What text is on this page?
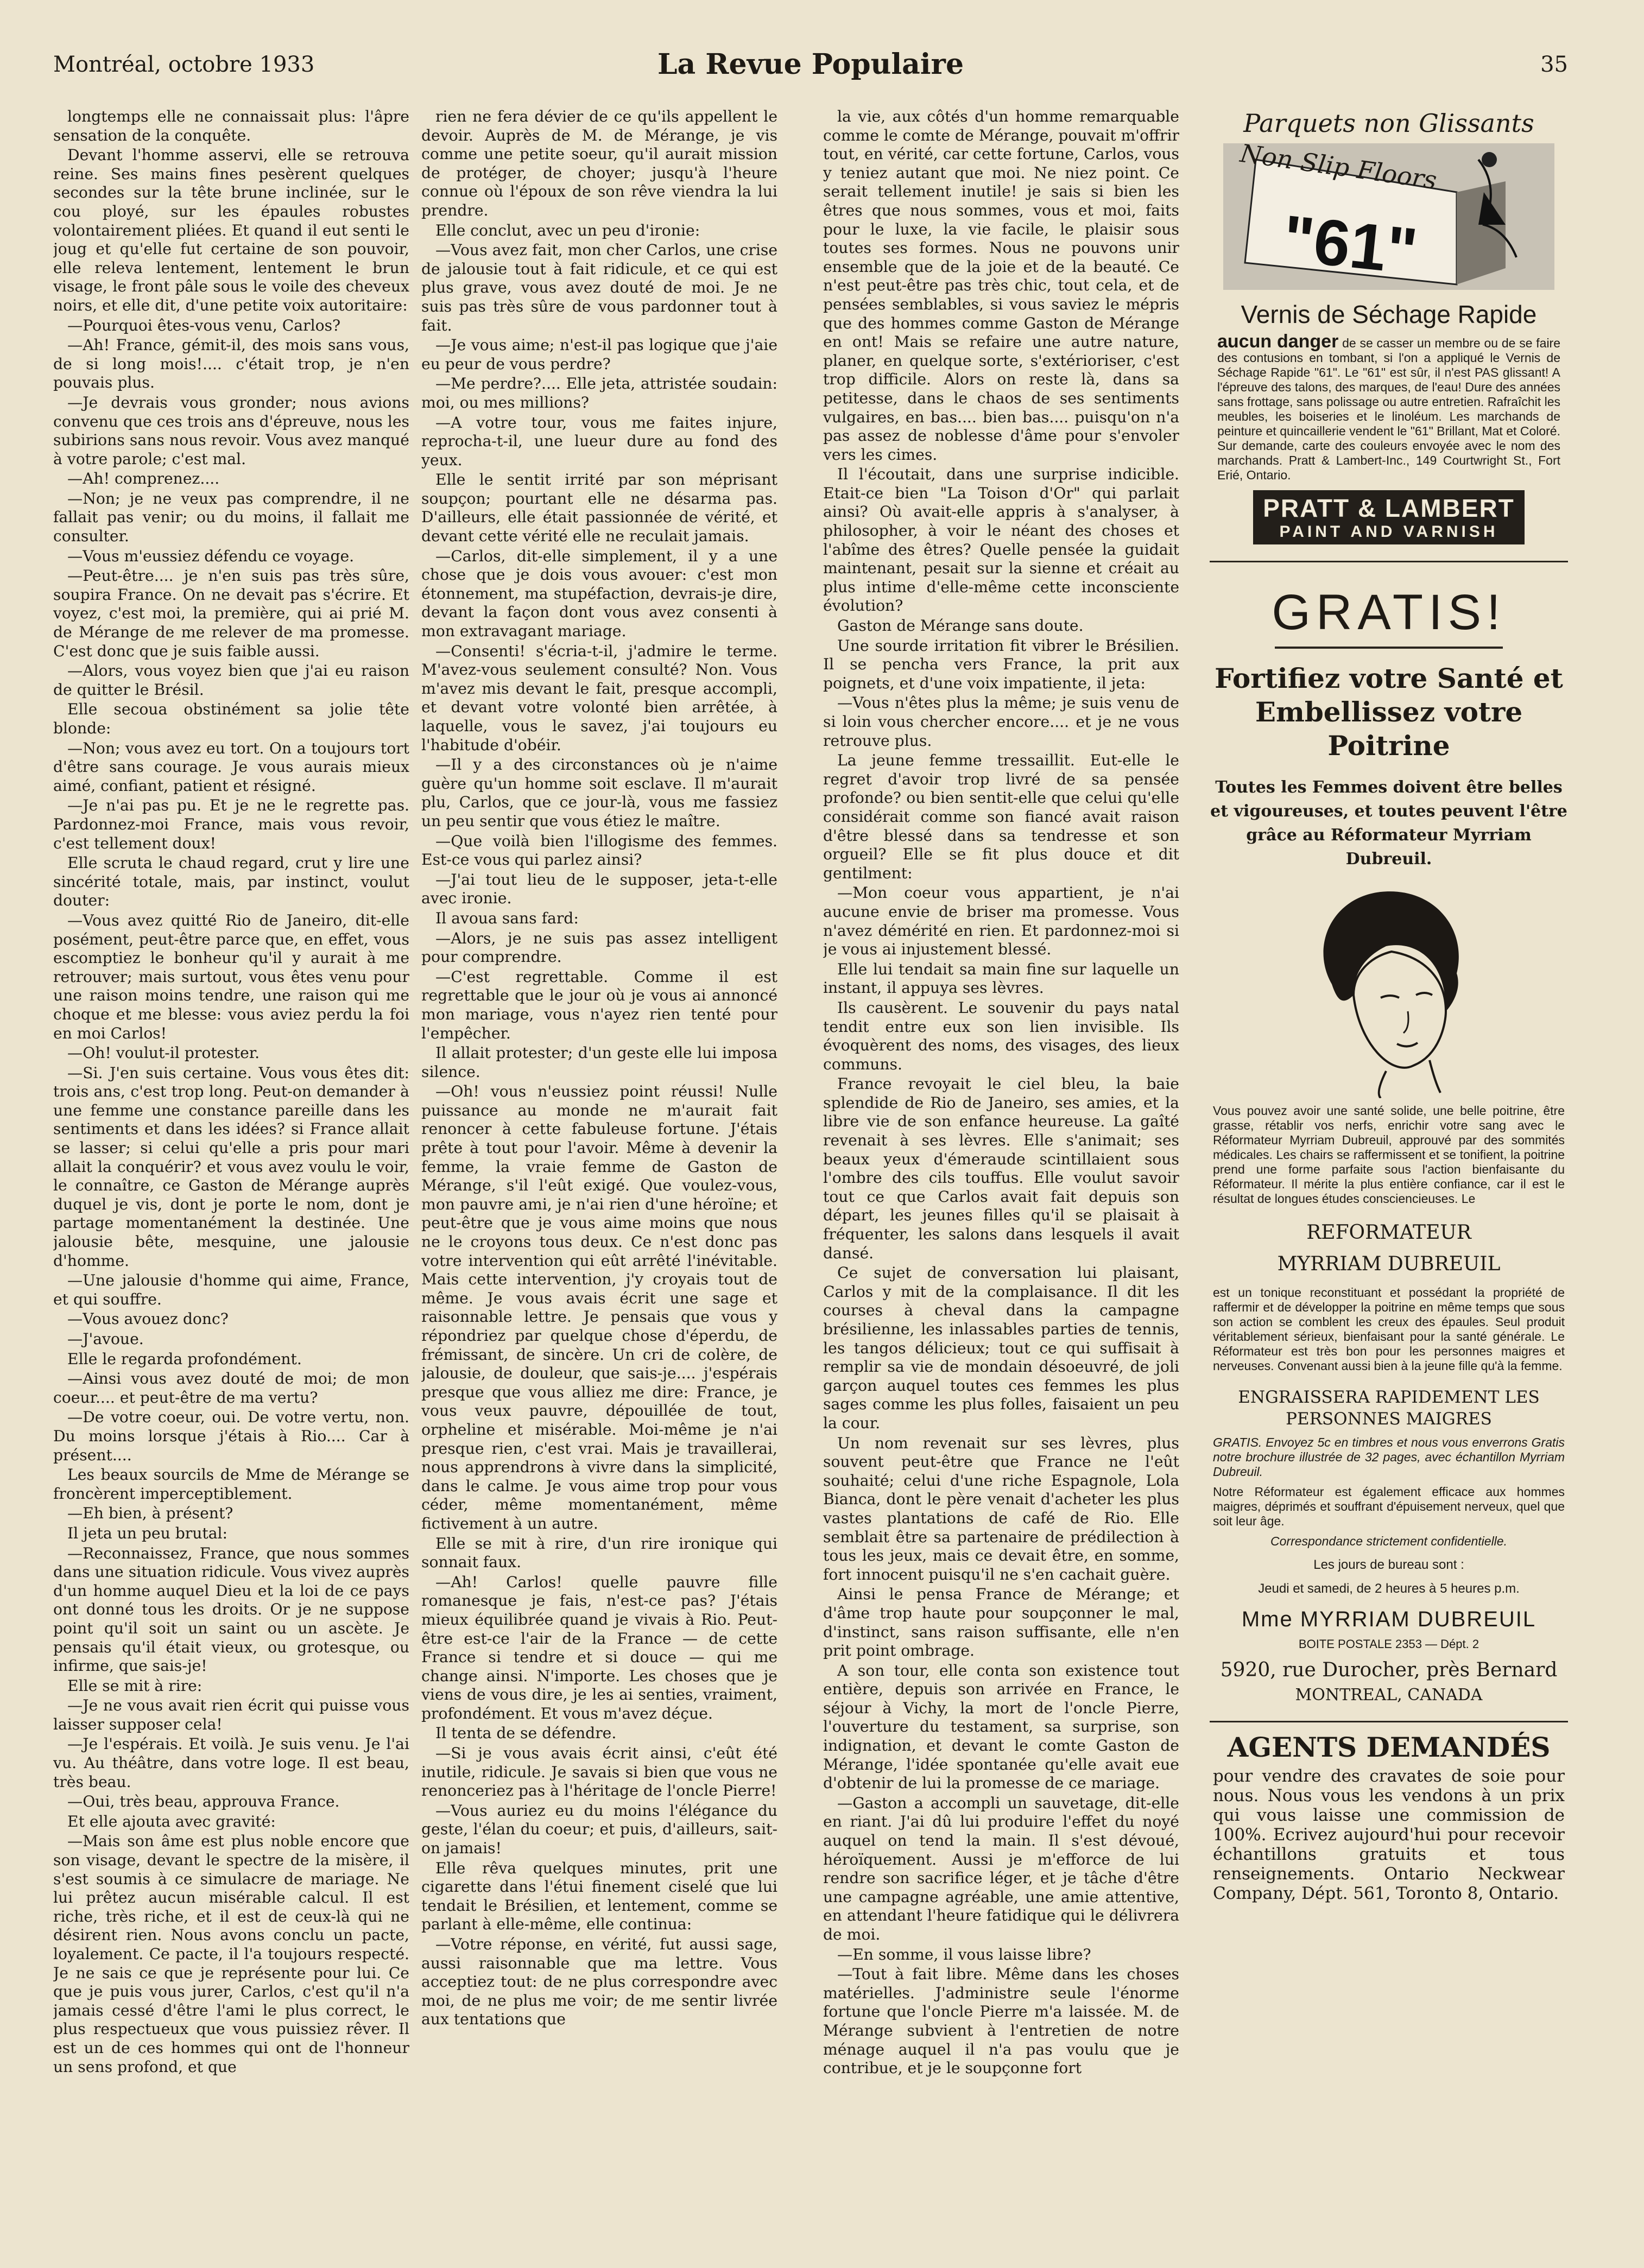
Montréal, octobre 1933	La Revue Populaire	35

longtemps elle ne connaissait plus: l'âpre sensation de la conquête.

Devant l'homme asservi, elle se retrouva reine. Ses mains fines pesèrent quelques secondes sur la tête brune inclinée, sur le cou ployé, sur les épaules robustes volontairement pliées. Et quand il eut senti le joug et qu'elle fut certaine de son pouvoir, elle releva lentement, lentement le brun visage, le front pâle sous le voile des cheveux noirs, et elle dit, d'une petite voix autoritaire:

—Pourquoi êtes-vous venu, Carlos?

—Ah! France, gémit-il, des mois sans vous, de si long mois!.... c'était trop, je n'en pouvais plus.

—Je devrais vous gronder; nous avions convenu que ces trois ans d'épreuve, nous les subirions sans nous revoir. Vous avez manqué à votre parole; c'est mal.

—Ah! comprenez....

—Non; je ne veux pas comprendre, il ne fallait pas venir; ou du moins, il fallait me consulter.

—Vous m'eussiez défendu ce voyage.

—Peut-être.... je n'en suis pas très sûre, soupira France. On ne devait pas s'écrire. Et voyez, c'est moi, la première, qui ai prié M. de Mérange de me relever de ma promesse. C'est donc que je suis faible aussi.

—Alors, vous voyez bien que j'ai eu raison de quitter le Brésil.

Elle secoua obstinément sa jolie tête blonde:

—Non; vous avez eu tort. On a toujours tort d'être sans courage. Je vous aurais mieux aimé, confiant, patient et résigné.

—Je n'ai pas pu. Et je ne le regrette pas. Pardonnez-moi France, mais vous revoir, c'est tellement doux!

Elle scruta le chaud regard, crut y lire une sincérité totale, mais, par instinct, voulut douter:

—Vous avez quitté Rio de Janeiro, dit-elle posément, peut-être parce que, en effet, vous escomptiez le bonheur qu'il y aurait à me retrouver; mais surtout, vous êtes venu pour une raison moins tendre, une raison qui me choque et me blesse: vous aviez perdu la foi en moi Carlos!

—Oh! voulut-il protester.

—Si. J'en suis certaine. Vous vous êtes dit: trois ans, c'est trop long. Peut-on demander à une femme une constance pareille dans les sentiments et dans les idées? si France allait se lasser; si celui qu'elle a pris pour mari allait la conquérir? et vous avez voulu le voir, le connaître, ce Gaston de Mérange auprès duquel je vis, dont je porte le nom, dont je partage momentanément la destinée. Une jalousie bête, mesquine, une jalousie d'homme.

—Une jalousie d'homme qui aime, France, et qui souffre.

—Vous avouez donc?

—J'avoue.

Elle le regarda profondément.

—Ainsi vous avez douté de moi; de mon coeur.... et peut-être de ma vertu?

—De votre coeur, oui. De votre vertu, non. Du moins lorsque j'étais à Rio.... Car à présent....

Les beaux sourcils de Mme de Mérange se froncèrent imperceptiblement.

—Eh bien, à présent?

Il jeta un peu brutal:

—Reconnaissez, France, que nous sommes dans une situation ridicule. Vous vivez auprès d'un homme auquel Dieu et la loi de ce pays ont donné tous les droits. Or je ne suppose point qu'il soit un saint ou un ascète. Je pensais qu'il était vieux, ou grotesque, ou infirme, que sais-je!

Elle se mit à rire:

—Je ne vous avait rien écrit qui puisse vous laisser supposer cela!

—Je l'espérais. Et voilà. Je suis venu. Je l'ai vu. Au théâtre, dans votre loge. Il est beau, très beau.

—Oui, très beau, approuva France.

Et elle ajouta avec gravité:

—Mais son âme est plus noble encore que son visage, devant le spectre de la misère, il s'est soumis à ce simulacre de mariage. Ne lui prêtez aucun misérable calcul. Il est riche, très riche, et il est de ceux-là qui ne désirent rien. Nous avons conclu un pacte, loyalement. Ce pacte, il l'a toujours respecté. Je ne sais ce que je représente pour lui. Ce que je puis vous jurer, Carlos, c'est qu'il n'a jamais cessé d'être l'ami le plus correct, le plus respectueux que vous puissiez rêver. Il est un de ces hommes qui ont de l'honneur un sens profond, et que

rien ne fera dévier de ce qu'ils appellent le devoir. Auprès de M. de Mérange, je vis comme une petite soeur, qu'il aurait mission de protéger, de choyer; jusqu'à l'heure connue où l'époux de son rêve viendra la lui prendre.

Elle conclut, avec un peu d'ironie:

—Vous avez fait, mon cher Carlos, une crise de jalousie tout à fait ridicule, et ce qui est plus grave, vous avez douté de moi. Je ne suis pas très sûre de vous pardonner tout à fait.

—Je vous aime; n'est-il pas logique que j'aie eu peur de vous perdre?

—Me perdre?.... Elle jeta, attristée soudain: moi, ou mes millions?

—A votre tour, vous me faites injure, reprocha-t-il, une lueur dure au fond des yeux.

Elle le sentit irrité par son méprisant soupçon; pourtant elle ne désarma pas. D'ailleurs, elle était passionnée de vérité, et devant cette vérité elle ne reculait jamais.

—Carlos, dit-elle simplement, il y a une chose que je dois vous avouer: c'est mon étonnement, ma stupéfaction, devrais-je dire, devant la façon dont vous avez consenti à mon extravagant mariage.

—Consenti! s'écria-t-il, j'admire le terme. M'avez-vous seulement consulté? Non. Vous m'avez mis devant le fait, presque accompli, et devant votre volonté bien arrêtée, à laquelle, vous le savez, j'ai toujours eu l'habitude d'obéir.

—Il y a des circonstances où je n'aime guère qu'un homme soit esclave. Il m'aurait plu, Carlos, que ce jour-là, vous me fassiez un peu sentir que vous étiez le maître.

—Que voilà bien l'illogisme des femmes. Est-ce vous qui parlez ainsi?

—J'ai tout lieu de le supposer, jeta-t-elle avec ironie.

Il avoua sans fard:

—Alors, je ne suis pas assez intelligent pour comprendre.

—C'est regrettable. Comme il est regrettable que le jour où je vous ai annoncé mon mariage, vous n'ayez rien tenté pour l'empêcher.

Il allait protester; d'un geste elle lui imposa silence.

—Oh! vous n'eussiez point réussi! Nulle puissance au monde ne m'aurait fait renoncer à cette fabuleuse fortune. J'étais prête à tout pour l'avoir. Même à devenir la femme, la vraie femme de Gaston de Mérange, s'il l'eût exigé. Que voulez-vous, mon pauvre ami, je n'ai rien d'une héroïne; et peut-être que je vous aime moins que nous ne le croyons tous deux. Ce n'est donc pas votre intervention qui eût arrêté l'inévitable. Mais cette intervention, j'y croyais tout de même. Je vous avais écrit une sage et raisonnable lettre. Je pensais que vous y répondriez par quelque chose d'éperdu, de frémissant, de sincère. Un cri de colère, de jalousie, de douleur, que sais-je.... j'espérais presque que vous alliez me dire: France, je vous veux pauvre, dépouillée de tout, orpheline et misérable. Moi-même je n'ai presque rien, c'est vrai. Mais je travaillerai, nous apprendrons à vivre dans la simplicité, dans le calme. Je vous aime trop pour vous céder, même momentanément, même fictivement à un autre.

Elle se mit à rire, d'un rire ironique qui sonnait faux.

—Ah! Carlos! quelle pauvre fille romanesque je fais, n'est-ce pas? J'étais mieux équilibrée quand je vivais à Rio. Peut-être est-ce l'air de la France — de cette France si tendre et si douce — qui me change ainsi. N'importe. Les choses que je viens de vous dire, je les ai senties, vraiment, profondément. Et vous m'avez déçue.

Il tenta de se défendre.

—Si je vous avais écrit ainsi, c'eût été inutile, ridicule. Je savais si bien que vous ne renonceriez pas à l'héritage de l'oncle Pierre!

—Vous auriez eu du moins l'élégance du geste, l'élan du coeur; et puis, d'ailleurs, sait-on jamais!

Elle rêva quelques minutes, prit une cigarette dans l'étui finement ciselé que lui tendait le Brésilien, et lentement, comme se parlant à elle-même, elle continua:

—Votre réponse, en vérité, fut aussi sage, aussi raisonnable que ma lettre. Vous acceptiez tout: de ne plus correspondre avec moi, de ne plus me voir; de me sentir livrée aux tentations que

la vie, aux côtés d'un homme remarquable comme le comte de Mérange, pouvait m'offrir tout, en vérité, car cette fortune, Carlos, vous y teniez autant que moi. Ne niez point. Ce serait tellement inutile! je sais si bien les êtres que nous sommes, vous et moi, faits pour le luxe, la vie facile, le plaisir sous toutes ses formes. Nous ne pouvons unir ensemble que de la joie et de la beauté. Ce n'est peut-être pas très chic, tout cela, et de pensées semblables, si vous saviez le mépris que des hommes comme Gaston de Mérange en ont! Mais se refaire une autre nature, planer, en quelque sorte, s'extérioriser, c'est trop difficile. Alors on reste là, dans sa petitesse, dans le chaos de ses sentiments vulgaires, en bas.... bien bas.... puisqu'on n'a pas assez de noblesse d'âme pour s'envoler vers les cimes.

Il l'écoutait, dans une surprise indicible. Etait-ce bien "La Toison d'Or" qui parlait ainsi? Où avait-elle appris à s'analyser, à philosopher, à voir le néant des choses et l'abîme des êtres? Quelle pensée la guidait maintenant, pesait sur la sienne et créait au plus intime d'elle-même cette inconsciente évolution?

Gaston de Mérange sans doute.

Une sourde irritation fit vibrer le Brésilien. Il se pencha vers France, la prit aux poignets, et d'une voix impatiente, il jeta:

—Vous n'êtes plus la même; je suis venu de si loin vous chercher encore.... et je ne vous retrouve plus.

La jeune femme tressaillit. Eut-elle le regret d'avoir trop livré de sa pensée profonde? ou bien sentit-elle que celui qu'elle considérait comme son fiancé avait raison d'être blessé dans sa tendresse et son orgueil? Elle se fit plus douce et dit gentilment:

—Mon coeur vous appartient, je n'ai aucune envie de briser ma promesse. Vous n'avez démérité en rien. Et pardonnez-moi si je vous ai injustement blessé.

Elle lui tendait sa main fine sur laquelle un instant, il appuya ses lèvres.

Ils causèrent. Le souvenir du pays natal tendit entre eux son lien invisible. Ils évoquèrent des noms, des visages, des lieux communs.

France revoyait le ciel bleu, la baie splendide de Rio de Janeiro, ses amies, et la libre vie de son enfance heureuse. La gaîté revenait à ses lèvres. Elle s'animait; ses beaux yeux d'émeraude scintillaient sous l'ombre des cils touffus. Elle voulut savoir tout ce que Carlos avait fait depuis son départ, les jeunes filles qu'il se plaisait à fréquenter, les salons dans lesquels il avait dansé.

Ce sujet de conversation lui plaisant, Carlos y mit de la complaisance. Il dit les courses à cheval dans la campagne brésilienne, les inlassables parties de tennis, les tangos délicieux; tout ce qui suffisait à remplir sa vie de mondain désoeuvré, de joli garçon auquel toutes ces femmes les plus sages comme les plus folles, faisaient un peu la cour.

Un nom revenait sur ses lèvres, plus souvent peut-être que France ne l'eût souhaité; celui d'une riche Espagnole, Lola Bianca, dont le père venait d'acheter les plus vastes plantations de café de Rio. Elle semblait être sa partenaire de prédilection à tous les jeux, mais ce devait être, en somme, fort innocent puisqu'il ne s'en cachait guère.

Ainsi le pensa France de Mérange; et d'âme trop haute pour soupçonner le mal, d'instinct, sans raison suffisante, elle n'en prit point ombrage.

A son tour, elle conta son existence tout entière, depuis son arrivée en France, le séjour à Vichy, la mort de l'oncle Pierre, l'ouverture du testament, sa surprise, son indignation, et devant le comte Gaston de Mérange, l'idée spontanée qu'elle avait eue d'obtenir de lui la promesse de ce mariage.

—Gaston a accompli un sauvetage, dit-elle en riant. J'ai dû lui produire l'effet du noyé auquel on tend la main. Il s'est dévoué, héroïquement. Aussi je m'efforce de lui rendre son sacrifice léger, et je tâche d'être une campagne agréable, une amie attentive, en attendant l'heure fatidique qui le délivrera de moi.

—En somme, il vous laisse libre?

—Tout à fait libre. Même dans les choses matérielles. J'administre seule l'énorme fortune que l'oncle Pierre m'a laissée. M. de Mérange subvient à l'entretien de notre ménage auquel il n'a pas voulu que je contribue, et je le soupçonne fort

Parquets non Glissants
Non Slip Floors
"61"
Vernis de Séchage Rapide
aucun danger de se casser un membre ou de se faire des contusions en tombant, si l'on a appliqué le Vernis de Séchage Rapide "61". Le "61" est sûr, il n'est PAS glissant! A l'épreuve des talons, des marques, de l'eau! Dure des années sans frottage, sans polissage ou autre entretien. Rafraîchit les meubles, les boiseries et le linoléum. Les marchands de peinture et quincaillerie vendent le "61" Brillant, Mat et Coloré. Sur demande, carte des couleurs envoyée avec le nom des marchands. Pratt & Lambert-Inc., 149 Courtwright St., Fort Erié, Ontario.
PRATT & LAMBERT
PAINT AND VARNISH
GRATIS!
Fortifiez votre Santé et Embellissez votre Poitrine
Toutes les Femmes doivent être belles et vigoureuses, et toutes peuvent l'être grâce au Réformateur Myrriam Dubreuil.
Vous pouvez avoir une santé solide, une belle poitrine, être grasse, rétablir vos nerfs, enrichir votre sang avec le Réformateur Myrriam Dubreuil, approuvé par des sommités médicales. Les chairs se raffermissent et se tonifient, la poitrine prend une forme parfaite sous l'action bienfaisante du Réformateur. Il mérite la plus entière confiance, car il est le résultat de longues études consciencieuses. Le
REFORMATEUR
MYRRIAM DUBREUIL
est un tonique reconstituant et possédant la propriété de raffermir et de développer la poitrine en même temps que sous son action se comblent les creux des épaules. Seul produit véritablement sérieux, bienfaisant pour la santé générale. Le Réformateur est très bon pour les personnes maigres et nerveuses. Convenant aussi bien à la jeune fille qu'à la femme.
ENGRAISSERA RAPIDEMENT LES PERSONNES MAIGRES
GRATIS. Envoyez 5c en timbres et nous vous enverrons Gratis notre brochure illustrée de 32 pages, avec échantillon Myrriam Dubreuil.
Notre Réformateur est également efficace aux hommes maigres, déprimés et souffrant d'épuisement nerveux, quel que soit leur âge.
Correspondance strictement confidentielle.
Les jours de bureau sont :
Jeudi et samedi, de 2 heures à 5 heures p.m.
Mme MYRRIAM DUBREUIL
BOITE POSTALE 2353 — Dépt. 2
5920, rue Durocher, près Bernard
MONTREAL, CANADA
AGENTS DEMANDÉS
pour vendre des cravates de soie pour nous. Nous vous les vendons à un prix qui vous laisse une commission de 100%. Ecrivez aujourd'hui pour recevoir échantillons gratuits et tous renseignements. Ontario Neckwear Company, Dépt. 561, Toronto 8, Ontario.
